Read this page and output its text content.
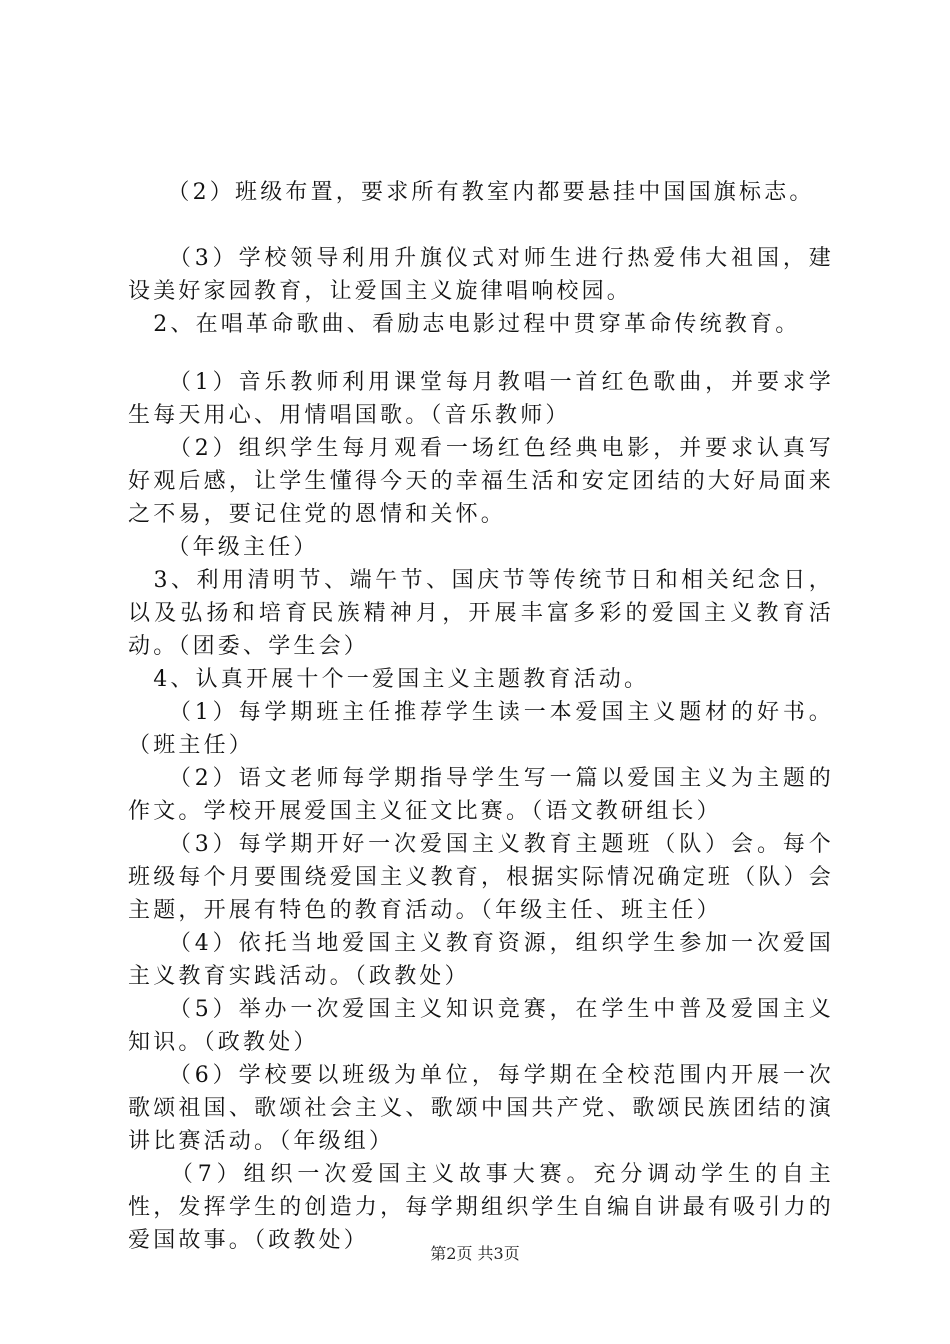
　　（2）班级布置，要求所有教室内都要悬挂中国国旗标志。

　　（3）学校领导利用升旗仪式对师生进行热爱伟大祖国，建设美好家园教育，让爱国主义旋律唱响校园。

　2、在唱革命歌曲、看励志电影过程中贯穿革命传统教育。

　　（1）音乐教师利用课堂每月教唱一首红色歌曲，并要求学生每天用心、用情唱国歌。（音乐教师）

　　（2）组织学生每月观看一场红色经典电影，并要求认真写好观后感，让学生懂得今天的幸福生活和安定团结的大好局面来之不易，要记住党的恩情和关怀。

　　（年级主任）

　3、利用清明节、端午节、国庆节等传统节日和相关纪念日，以及弘扬和培育民族精神月，开展丰富多彩的爱国主义教育活动。（团委、学生会）

　4、认真开展十个一爱国主义主题教育活动。

　　（1）每学期班主任推荐学生读一本爱国主义题材的好书。（班主任）

　　（2）语文老师每学期指导学生写一篇以爱国主义为主题的作文。学校开展爱国主义征文比赛。（语文教研组长）

　　（3）每学期开好一次爱国主义教育主题班（队）会。每个班级每个月要围绕爱国主义教育，根据实际情况确定班（队）会主题，开展有特色的教育活动。（年级主任、班主任）

　　（4）依托当地爱国主义教育资源，组织学生参加一次爱国主义教育实践活动。（政教处）

　　（5）举办一次爱国主义知识竞赛，在学生中普及爱国主义知识。（政教处）

　　（6）学校要以班级为单位，每学期在全校范围内开展一次歌颂祖国、歌颂社会主义、歌颂中国共产党、歌颂民族团结的演讲比赛活动。（年级组）

　　（7）组织一次爱国主义故事大赛。充分调动学生的自主性，发挥学生的创造力，每学期组织学生自编自讲最有吸引力的爱国故事。（政教处）

第2页 共3页
